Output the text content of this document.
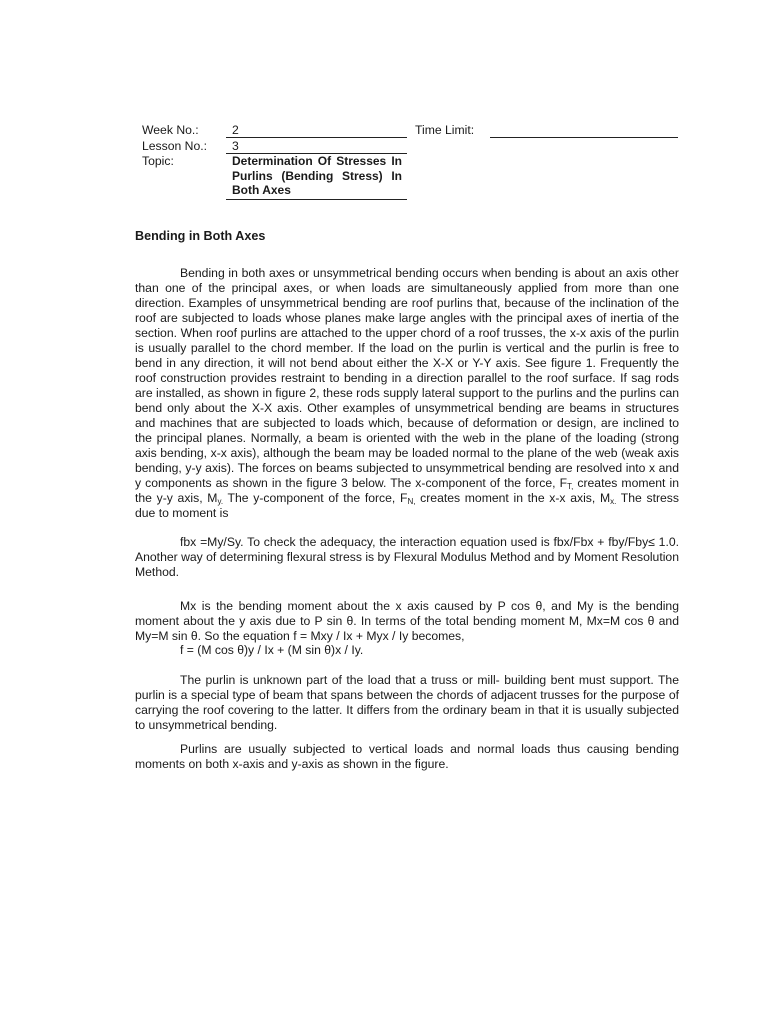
Week No.:	2
Lesson No.: 3
Topic:	Determination Of Stresses In Purlins (Bending Stress) In Both Axes
Time Limit:
Bending in Both Axes

Bending in both axes or unsymmetrical bending occurs when bending is about an axis other than one of the principal axes, or when loads are simultaneously applied from more than one direction. Examples of unsymmetrical bending are roof purlins that, because of the inclination of the roof are subjected to loads whose planes make large angles with the principal axes of inertia of the section. When roof purlins are attached to the upper chord of a roof trusses, the x-x axis of the purlin is usually parallel to the chord member. If the load on the purlin is vertical and the purlin is free to bend in any direction, it will not bend about either the X-X or Y-Y axis. See figure 1. Frequently the roof construction provides restraint to bending in a direction parallel to the roof surface. If sag rods are installed, as shown in figure 2, these rods supply lateral support to the purlins and the purlins can bend only about the X-X axis. Other examples of unsymmetrical bending are beams in structures and machines that are subjected to loads which, because of deformation or design, are inclined to the principal planes. Normally, a beam is oriented with the web in the plane of the loading (strong axis bending, x-x axis), although the beam may be loaded normal to the plane of the web (weak axis bending, y-y axis). The forces on beams subjected to unsymmetrical bending are resolved into x and y components as shown in the figure 3 below. The x-component of the force, $F_{T,}$ creates moment in the y-y axis, $M_{y.}$ The y-component of the force, $F_{N,}$ creates moment in the x-x axis, $M_{x.}$ The stress due to moment is

fbx =My/Sy. To check the adequacy, the interaction equation used is fbx/Fbx + fby/Fby≤ 1.0. Another way of determining flexural stress is by Flexural Modulus Method and by Moment Resolution Method.

Mx is the bending moment about the x axis caused by P cos θ, and My is the bending moment about the y axis due to P sin θ. In terms of the total bending moment M, Mx=M cos θ and My=M sin θ. So the equation f = Mxy / Ix + Myx / Iy becomes,

f = (M cos θ)y / Ix + (M sin θ)x / Iy.

The purlin is unknown part of the load that a truss or mill- building bent must support. The purlin is a special type of beam that spans between the chords of adjacent trusses for the purpose of carrying the roof covering to the latter. It differs from the ordinary beam in that it is usually subjected to unsymmetrical bending.

Purlins are usually subjected to vertical loads and normal loads thus causing bending moments on both x-axis and y-axis as shown in the figure.
